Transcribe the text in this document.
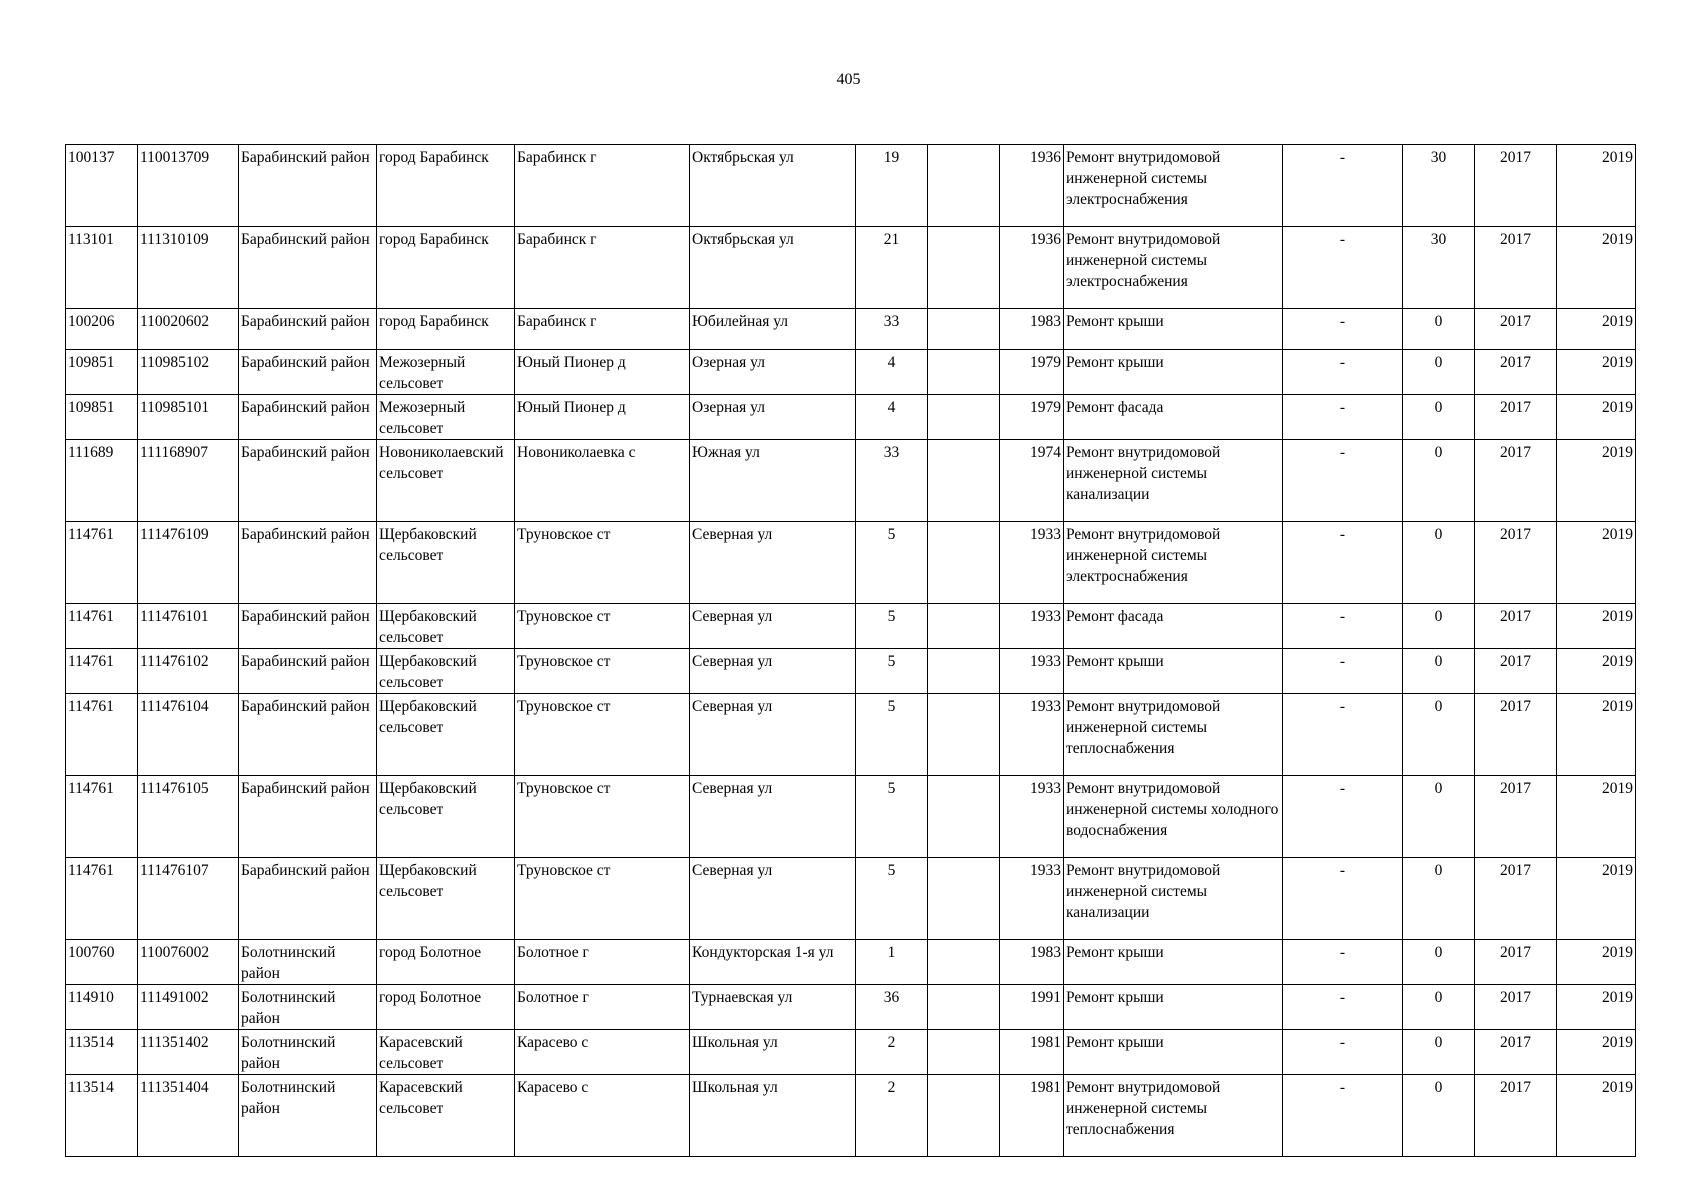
405
100137	110013709	Барабинский район	город Барабинск	Барабинск г	Октябрьская ул	19		1936	Ремонт внутридомовой инженерной системы электроснабжения	-	30	2017	2019
113101	111310109	Барабинский район	город Барабинск	Барабинск г	Октябрьская ул	21		1936	Ремонт внутридомовой инженерной системы электроснабжения	-	30	2017	2019
100206	110020602	Барабинский район	город Барабинск	Барабинск г	Юбилейная ул	33		1983	Ремонт крыши	-	0	2017	2019
109851	110985102	Барабинский район	Межозерный сельсовет	Юный Пионер д	Озерная ул	4		1979	Ремонт крыши	-	0	2017	2019
109851	110985101	Барабинский район	Межозерный сельсовет	Юный Пионер д	Озерная ул	4		1979	Ремонт фасада	-	0	2017	2019
111689	111168907	Барабинский район	Новониколаевский сельсовет	Новониколаевка с	Южная ул	33		1974	Ремонт внутридомовой инженерной системы канализации	-	0	2017	2019
114761	111476109	Барабинский район	Щербаковский сельсовет	Труновское ст	Северная ул	5		1933	Ремонт внутридомовой инженерной системы электроснабжения	-	0	2017	2019
114761	111476101	Барабинский район	Щербаковский сельсовет	Труновское ст	Северная ул	5		1933	Ремонт фасада	-	0	2017	2019
114761	111476102	Барабинский район	Щербаковский сельсовет	Труновское ст	Северная ул	5		1933	Ремонт крыши	-	0	2017	2019
114761	111476104	Барабинский район	Щербаковский сельсовет	Труновское ст	Северная ул	5		1933	Ремонт внутридомовой инженерной системы теплоснабжения	-	0	2017	2019
114761	111476105	Барабинский район	Щербаковский сельсовет	Труновское ст	Северная ул	5		1933	Ремонт внутридомовой инженерной системы холодного водоснабжения	-	0	2017	2019
114761	111476107	Барабинский район	Щербаковский сельсовет	Труновское ст	Северная ул	5		1933	Ремонт внутридомовой инженерной системы канализации	-	0	2017	2019
100760	110076002	Болотнинский район	город Болотное	Болотное г	Кондукторская 1-я ул	1		1983	Ремонт крыши	-	0	2017	2019
114910	111491002	Болотнинский район	город Болотное	Болотное г	Турнаевская ул	36		1991	Ремонт крыши	-	0	2017	2019
113514	111351402	Болотнинский район	Карасевский сельсовет	Карасево с	Школьная ул	2		1981	Ремонт крыши	-	0	2017	2019
113514	111351404	Болотнинский район	Карасевский сельсовет	Карасево с	Школьная ул	2		1981	Ремонт внутридомовой инженерной системы теплоснабжения	-	0	2017	2019
